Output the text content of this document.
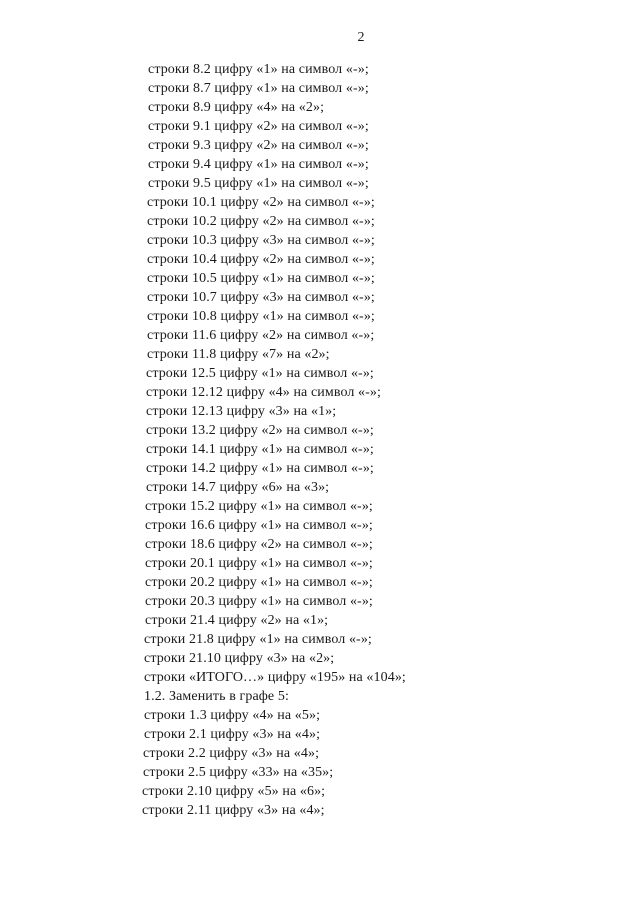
2
строки 8.2 цифру «1» на символ «-»;
строки 8.7 цифру «1» на символ «-»;
строки 8.9 цифру «4» на «2»;
строки 9.1 цифру «2» на символ «-»;
строки 9.3 цифру «2» на символ «-»;
строки 9.4 цифру «1» на символ «-»;
строки 9.5 цифру «1» на символ «-»;
строки 10.1 цифру «2» на символ «-»;
строки 10.2 цифру «2» на символ «-»;
строки 10.3 цифру «3» на символ «-»;
строки 10.4 цифру «2» на символ «-»;
строки 10.5 цифру «1» на символ «-»;
строки 10.7 цифру «3» на символ «-»;
строки 10.8 цифру «1» на символ «-»;
строки 11.6 цифру «2» на символ «-»;
строки 11.8 цифру «7» на «2»;
строки 12.5 цифру «1» на символ «-»;
строки 12.12 цифру «4» на символ «-»;
строки 12.13 цифру «3» на «1»;
строки 13.2 цифру «2» на символ «-»;
строки 14.1 цифру «1» на символ «-»;
строки 14.2 цифру «1» на символ «-»;
строки 14.7 цифру «6» на «3»;
строки 15.2 цифру «1» на символ «-»;
строки 16.6 цифру «1» на символ «-»;
строки 18.6 цифру «2» на символ «-»;
строки 20.1 цифру «1» на символ «-»;
строки 20.2 цифру «1» на символ «-»;
строки 20.3 цифру «1» на символ «-»;
строки 21.4 цифру «2» на «1»;
строки 21.8 цифру «1» на символ «-»;
строки 21.10 цифру «3» на «2»;
строки «ИТОГО…» цифру «195» на «104»;
1.2. Заменить в графе 5:
строки 1.3 цифру «4» на «5»;
строки 2.1 цифру «3» на «4»;
строки 2.2 цифру «3» на «4»;
строки 2.5 цифру «33» на «35»;
строки 2.10 цифру «5» на «6»;
строки 2.11 цифру «3» на «4»;
